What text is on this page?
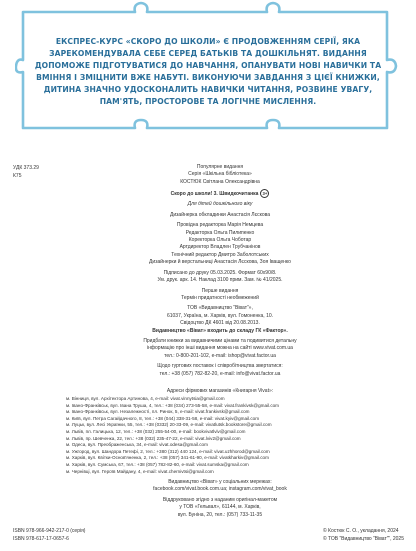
ЕКСПРЕС-КУРС «СКОРО ДО ШКОЛИ» Є ПРОДОВЖЕННЯМ СЕРІЇ, ЯКА ЗАРЕКОМЕНДУВАЛА СЕБЕ СЕРЕД БАТЬКІВ ТА ДОШКІЛЬНЯТ. ВИДАННЯ ДОПОМОЖЕ ПІДГОТУВАТИСЯ ДО НАВЧАННЯ, ОПАНУВАТИ НОВІ НАВИЧКИ ТА ВМІННЯ І ЗМІЦНИТИ ВЖЕ НАБУТІ. ВИКОНУЮЧИ ЗАВДАННЯ З ЦІЄЇ КНИЖКИ, ДИТИНА ЗНАЧНО УДОСКОНАЛИТЬ НАВИЧКИ ЧИТАННЯ, РОЗВИНЕ УВАГУ, ПАМ'ЯТЬ, ПРОСТОРОВЕ ТА ЛОГІЧНЕ МИСЛЕННЯ.
УДК 373.29
К75
Популярне видання
Серія «Шкільна бібліотека»
КОСТЮК Світлана Олександрівна
Скоро до школи! 3. Швидкочитанка 3+
Для дітей дошкільного віку
Дизайнерка обкладинки Анастасія Лєскова
Провідна редакторка Марія Немцева
Редакторка Ольга Пилипенко
Коректорка Ольга Чоботар
Артдиректор Владлен Трубчанінов
Технічний редактор Дмитро Заболотських
Дизайнерки й верстальниці Анастасія Лєскова, Зоя Іващенко
Підписано до друку 05.03.2025. Формат 60х90/8.
Ум. друк. арк. 14. Наклад 3100 прим. Зам. № 41/2025.
Перше видання
Термін придатності необмежений
ТОВ «Видавництво “Віват”»,
61037, Україна, м. Харків, вул. Гомоненка, 10.
Свідоцтво ДК 4601 від 20.08.2013.
Видавництво «Віват» входить до складу ГК «Фактор».
Придбати книжки за видавничими цінами та подивитися детальну
інформацію про інші видання можна на сайті www.vivat.com.ua
тел.: 0-800-201-102, e-mail: ishop@vivat.factor.ua
Щодо гуртових поставок і співробітництва звертатися:
тел.: +38 (057) 782-82-20, e-mail: info@vivat.factor.ua
Адреси фірмових магазинів «Книгарня Vivat»:
м. Вінниця, вул. Архітектора Артинова, 4, e-mail: vivat.vinnytsia@gmail.com
м. Івано-Франківськ, вул. Івана Труша, 4, тел.: +38 (034) 273-55-58, e-mail: vivat.frankivsk@gmail.com
м. Івано-Франківськ, вул. Незалежності, пл. Ринок, 5, e-mail: vivat.frankivsk@gmail.com
м. Київ, вул. Петра Сагайдачного, 8, тел.: +38 (044) 338-31-58, e-mail: vivat.kyiv@gmail.com
м. Луцьк, вул. Лесі Українки, 55, тел.: +38 (0332) 20-33-09, e-mail: vivatlutsk.bookstore@gmail.com
м. Львів, пл. Галицька, 12, тел.: +38 (032) 255-54-00, e-mail: bookvivatlviv@gmail.com
м. Львів, пр. Шевченка, 22, тел.: +38 (032) 235-47-22, e-mail: vivat.lviv2@gmail.com
м. Одеса, вул. Преображенська, 34, e-mail: vivat.odesa@gmail.com
м. Ужгород, вул. Шандора Петефі, 2, тел.: +380 (312) 440 124, e-mail: vivat.uzhhorod@gmail.com
м. Харків, вул. Квітки-Основ'яненка, 2, тел.: +38 (057) 341-61-90, e-mail: vivatkharkiv@gmail.com
м. Харків, вул. Сумська, 67, тел.: +38 (057) 782-82-60, e-mail: vivat.sumska@gmail.com
м. Чернівці, вул. Героїв Майдану, 4, e-mail: vivat.chernivtsi@gmail.com
Видавництво «Віват» у соціальних мережах:
facebook.com/vivat.book.com.ua; instagram.com/vivat_book
Віддруковано згідно з наданим оригінал-макетом
у ТОВ «Гельвал», 61144, м. Харків,
вул. Буніна, 20, тел.: (057) 733-11-35
ISBN 978-966-942-217-0 (серія)
ISBN 978-617-17-0657-6
© Костюк С. О., укладання, 2024
© ТОВ “Видавництво “Віват””, 2025
